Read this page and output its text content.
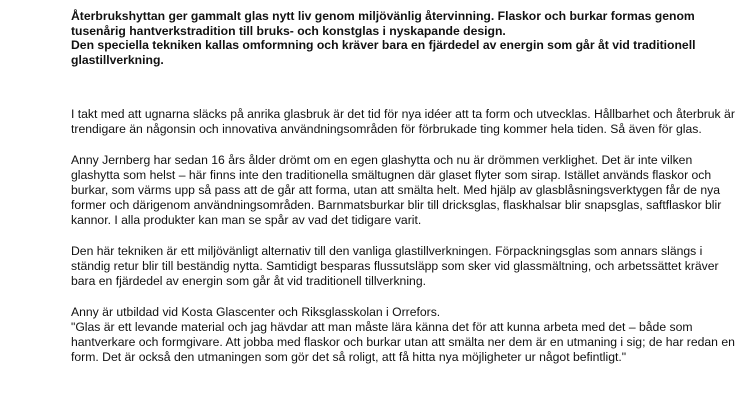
Återbrukshyttan ger gammalt glas nytt liv genom miljövänlig återvinning. Flaskor och burkar formas genom tusenårig hantverkstradition till bruks- och konstglas i nyskapande design.

Den speciella tekniken kallas omformning och kräver bara en fjärdedel av energin som går åt vid traditionell glastillverkning.

I takt med att ugnarna släcks på anrika glasbruk är det tid för nya idéer att ta form och utvecklas. Hållbarhet och återbruk är trendigare än någonsin och innovativa användningsområden för förbrukade ting kommer hela tiden. Så även för glas.

Anny Jernberg har sedan 16 års ålder drömt om en egen glashytta och nu är drömmen verklighet. Det är inte vilken glashytta som helst – här finns inte den traditionella smältugnen där glaset flyter som sirap. Istället används flaskor och burkar, som värms upp så pass att de går att forma, utan att smälta helt. Med hjälp av glasblåsningsverktygen får de nya former och därigenom användningsområden. Barnmatsburkar blir till dricksglas, flaskhalsar blir snapsglas, saftflaskor blir kannor. I alla produkter kan man se spår av vad det tidigare varit.

Den här tekniken är ett miljövänligt alternativ till den vanliga glastillverkningen. Förpackningsglas som annars slängs i ständig retur blir till beständig nytta. Samtidigt besparas flussutsläpp som sker vid glassmältning, och arbetssättet kräver bara en fjärdedel av energin som går åt vid traditionell tillverkning.

Anny är utbildad vid Kosta Glascenter och Riksglasskolan i Orrefors.

"Glas är ett levande material och jag hävdar att man måste lära känna det för att kunna arbeta med det – både som hantverkare och formgivare. Att jobba med flaskor och burkar utan att smälta ner dem är en utmaning i sig; de har redan en form. Det är också den utmaningen som gör det så roligt, att få hitta nya möjligheter ur något befintligt."
